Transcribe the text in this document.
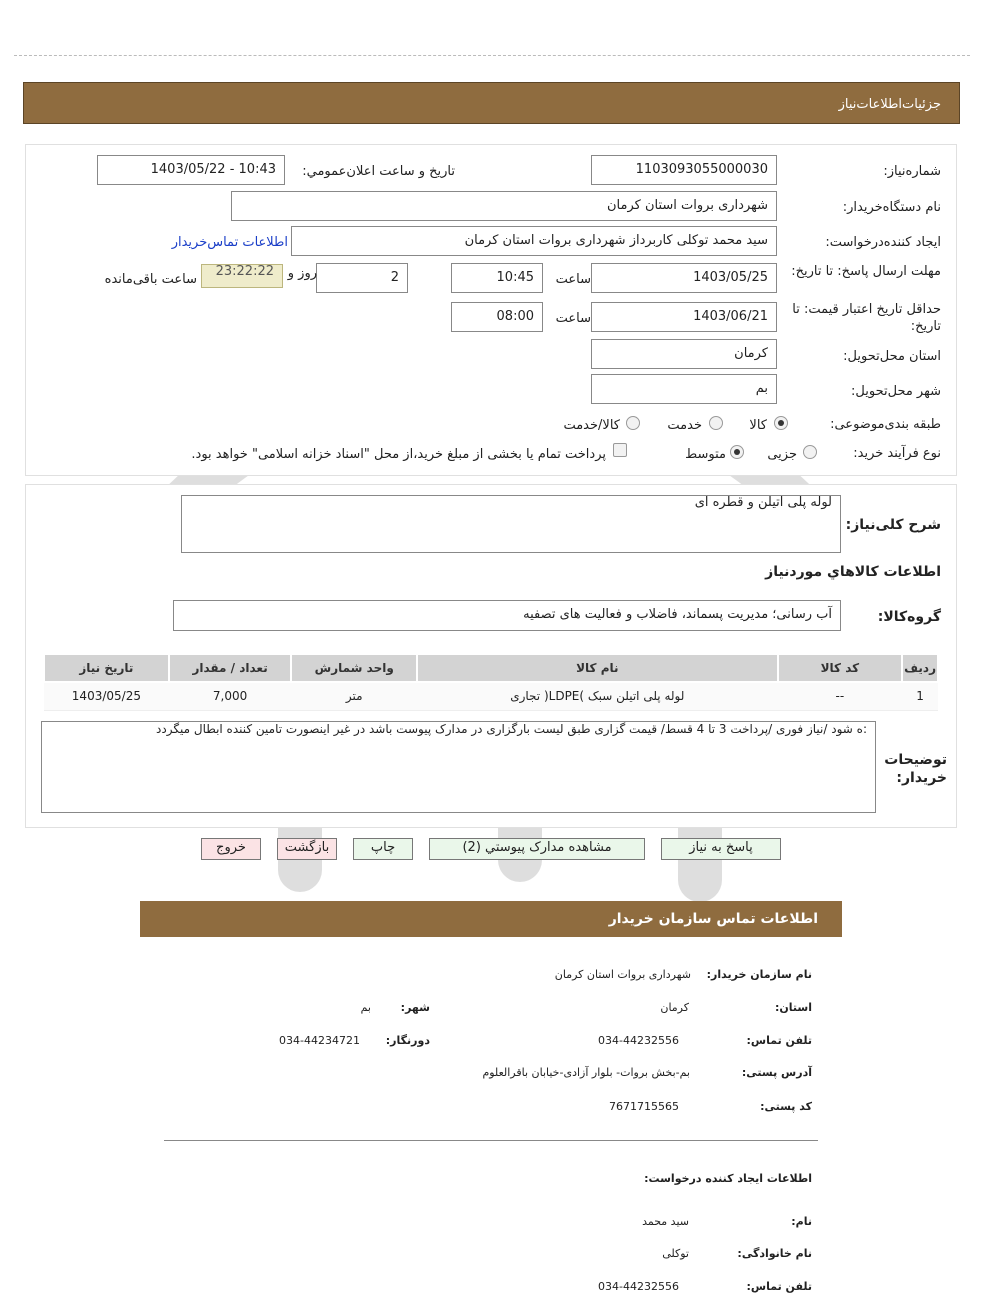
جزئیات‌اطلاعات‌نیاز
شماره‌نیاز:
1103093055000030
تاریخ و ساعت اعلان‌عمومي:
1403/05/22 - 10:43
نام دستگاه‌خریدار:
شهرداری بروات استان کرمان
ایجاد کننده‌درخواست:
سید محمد توکلی کاربرداز شهرداری بروات استان کرمان
اطلاعات تماس‌خریدار
مهلت ارسال پاسخ: تا تاریخ:
1403/05/25
ساعت
10:45
2
روز و
23:22:22
ساعت باقی‌مانده
حداقل تاریخ اعتبار قیمت: تا تاریخ:
1403/06/21
ساعت
08:00
استان محل‌تحویل:
کرمان
شهر محل‌تحویل:
بم
طبقه بندی‌موضوعی:
کالا
خدمت
کالا/خدمت
نوع فرآیند خرید:
جزیی
متوسط
پرداخت تمام یا بخشی از مبلغ خرید،از محل "اسناد خزانه اسلامی" خواهد بود.
شرح کلی‌نیاز:
لوله پلی اتیلن و قطره ای
اطلاعات کالاهاي مورد‌نیاز
گروه‌کالا:
آب رسانی؛ مدیریت پسماند، فاضلاب و فعالیت های تصفیه
ردیف	کد کالا	نام کالا	واحد شمارش	تعداد / مقدار	تاریخ نیاز
1	--	لوله پلی اتیلن سبک )LDPE( تجاری	متر	7,000	1403/05/25
توضیحات خریدار:
:ه شود /نیاز فوری /پرداخت 3 تا 4 قسط/ قیمت گزاری طبق لیست بارگزاری در مدارک پیوست باشد در غیر اینصورت تامین کننده ابطال میگردد
پاسخ به نیاز
مشاهده مدارک پیوستي (2)
چاپ
بازگشت
خروج
اطلاعات تماس سازمان خریدار
نام سازمان خریدار:
شهرداری بروات استان کرمان
استان:
کرمان
شهر:
بم
تلفن تماس:
034-44232556
دورنگار:
034-44234721
آدرس پستی:
بم-بخش بروات- بلوار آزادی-خیابان باقرالعلوم
کد پستی:
7671715565
اطلاعات ایجاد کننده درخواست:
نام:
سید محمد
نام خانوادگی:
توکلی
تلفن تماس:
034-44232556
